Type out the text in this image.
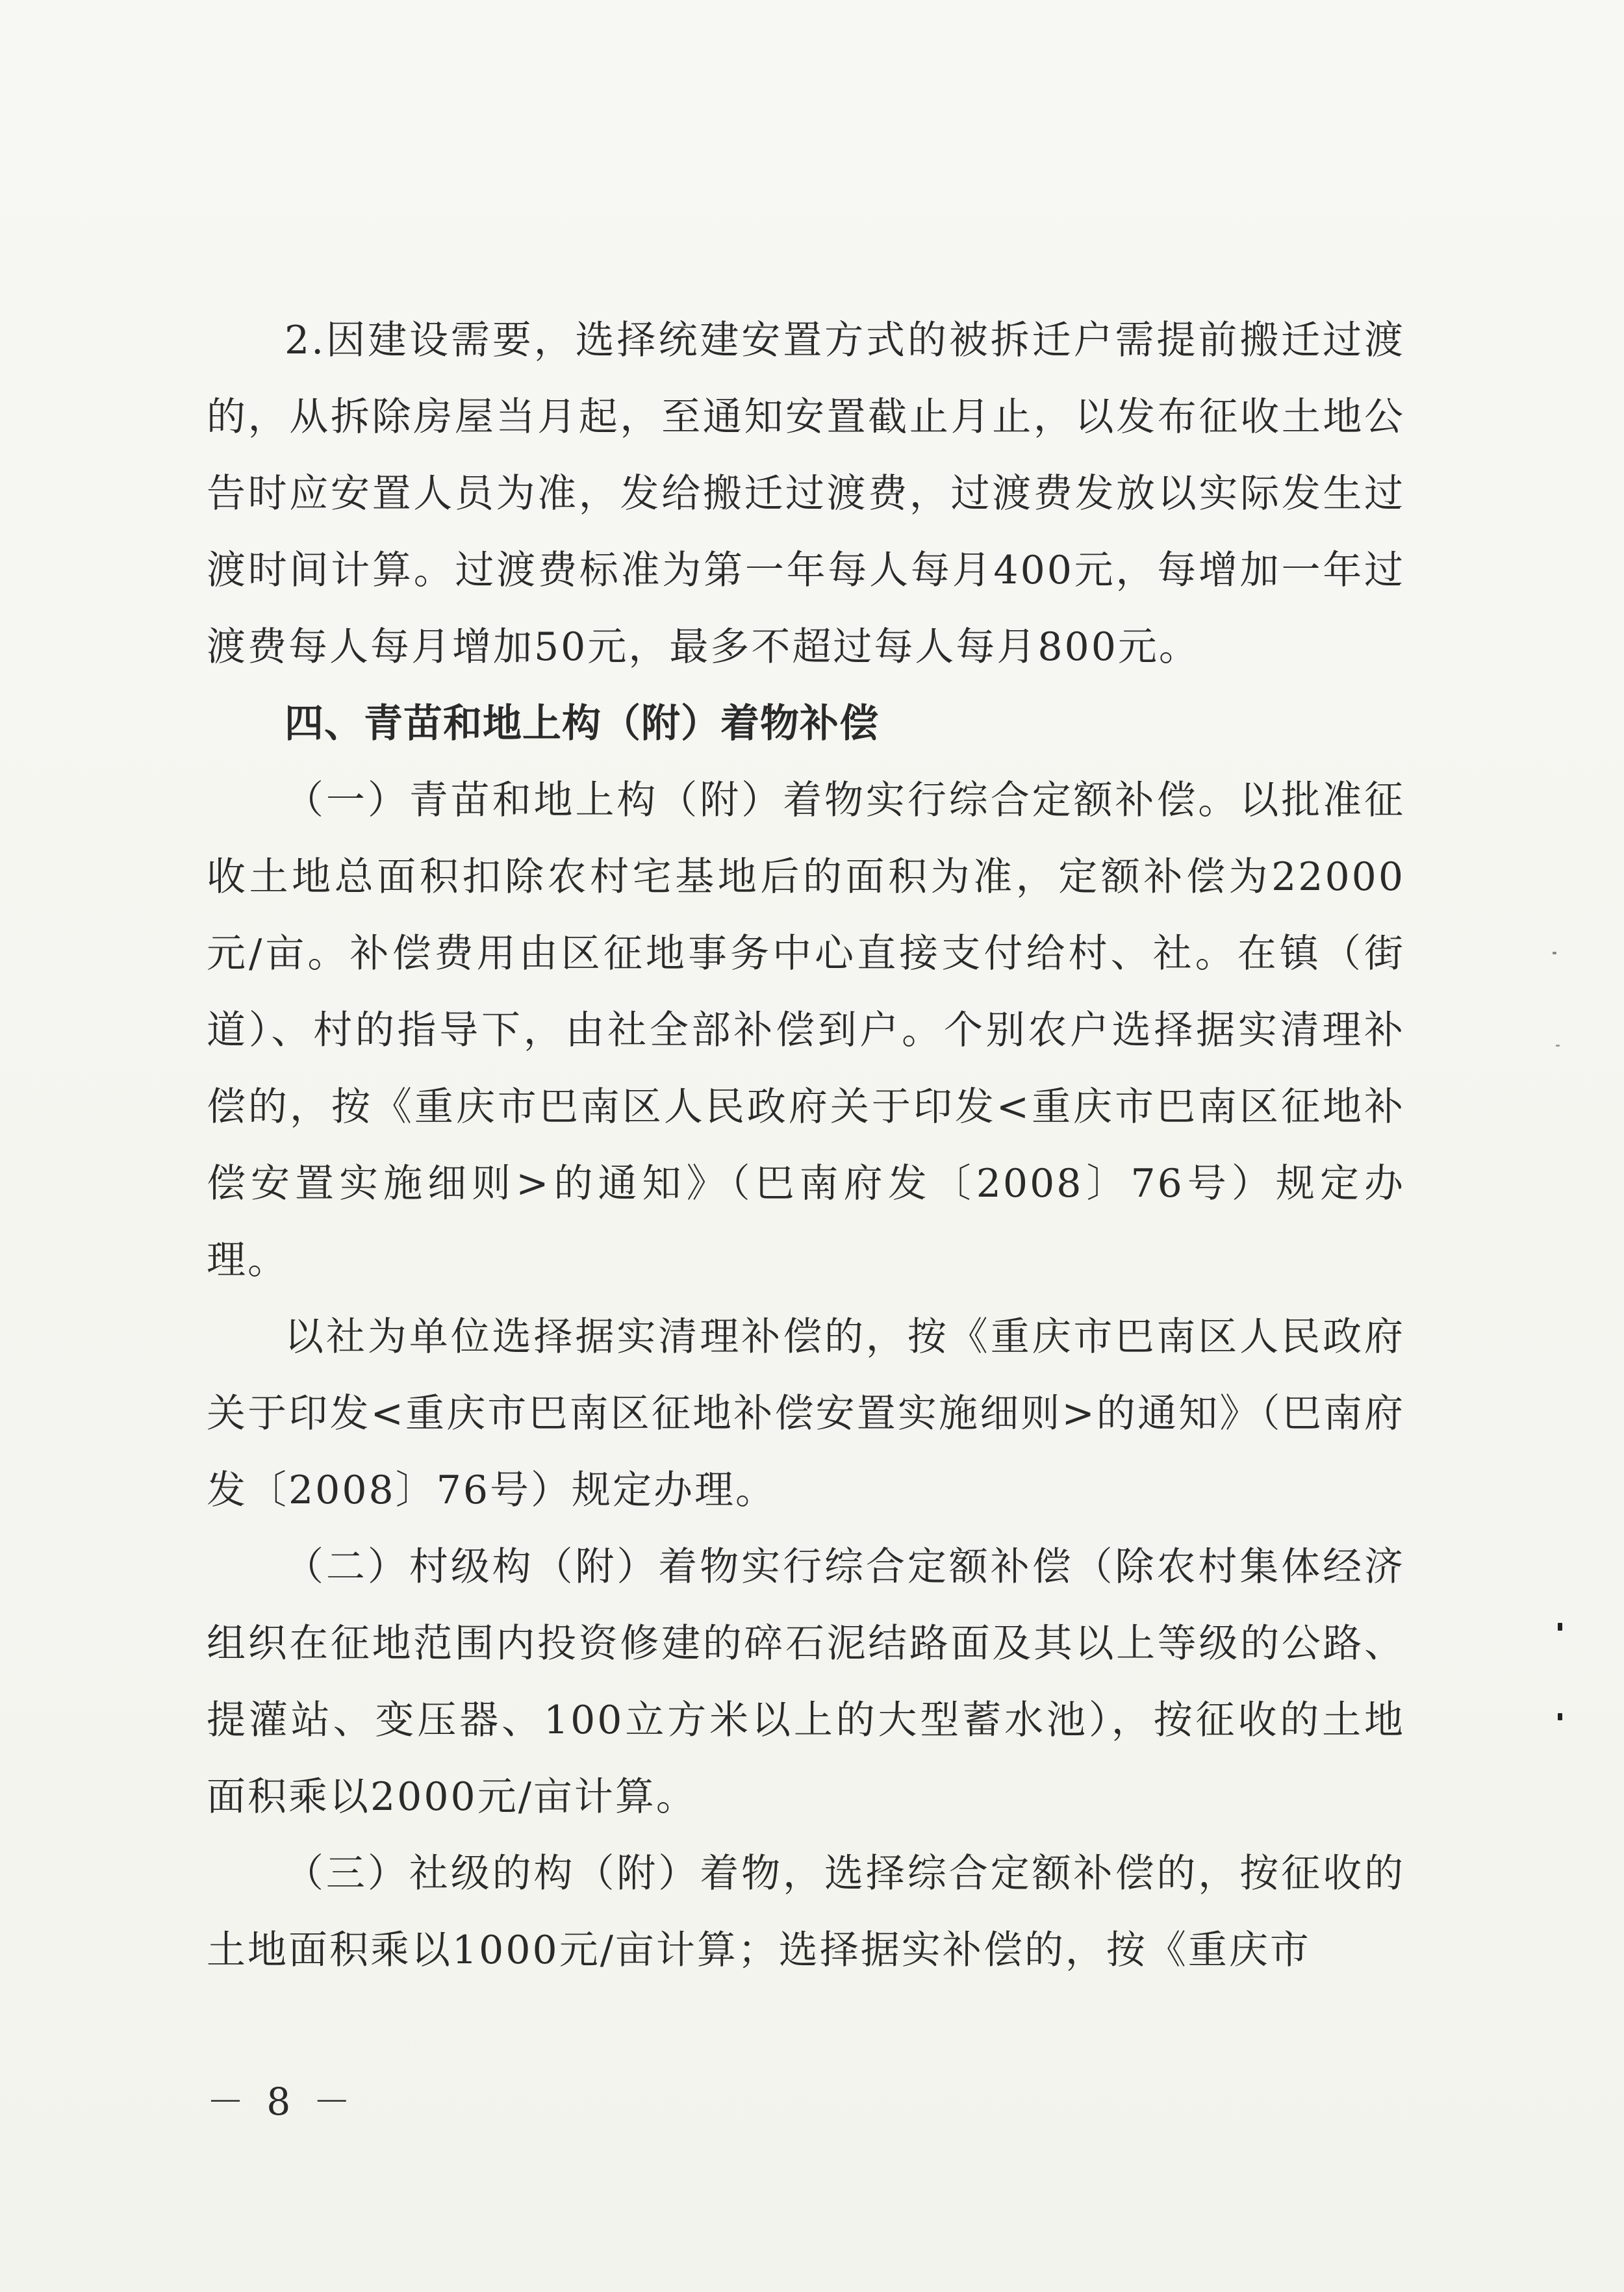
2.因建设需要，选择统建安置方式的被拆迁户需提前搬迁过渡的，从拆除房屋当月起，至通知安置截止月止，以发布征收土地公告时应安置人员为准，发给搬迁过渡费，过渡费发放以实际发生过渡时间计算。过渡费标准为第一年每人每月400元，每增加一年过渡费每人每月增加50元，最多不超过每人每月800元。

四、青苗和地上构（附）着物补偿

（一）青苗和地上构（附）着物实行综合定额补偿。以批准征收土地总面积扣除农村宅基地后的面积为准，定额补偿为22000元/亩。补偿费用由区征地事务中心直接支付给村、社。在镇（街道）、村的指导下，由社全部补偿到户。个别农户选择据实清理补偿的，按《重庆市巴南区人民政府关于印发<重庆市巴南区征地补偿安置实施细则>的通知》（巴南府发〔2008〕76号）规定办理。

以社为单位选择据实清理补偿的，按《重庆市巴南区人民政府关于印发<重庆市巴南区征地补偿安置实施细则>的通知》（巴南府发〔2008〕76号）规定办理。

（二）村级构（附）着物实行综合定额补偿（除农村集体经济组织在征地范围内投资修建的碎石泥结路面及其以上等级的公路、提灌站、变压器、100立方米以上的大型蓄水池），按征收的土地面积乘以2000元/亩计算。

（三）社级的构（附）着物，选择综合定额补偿的，按征收的土地面积乘以1000元/亩计算；选择据实补偿的，按《重庆市

－ 8 －
